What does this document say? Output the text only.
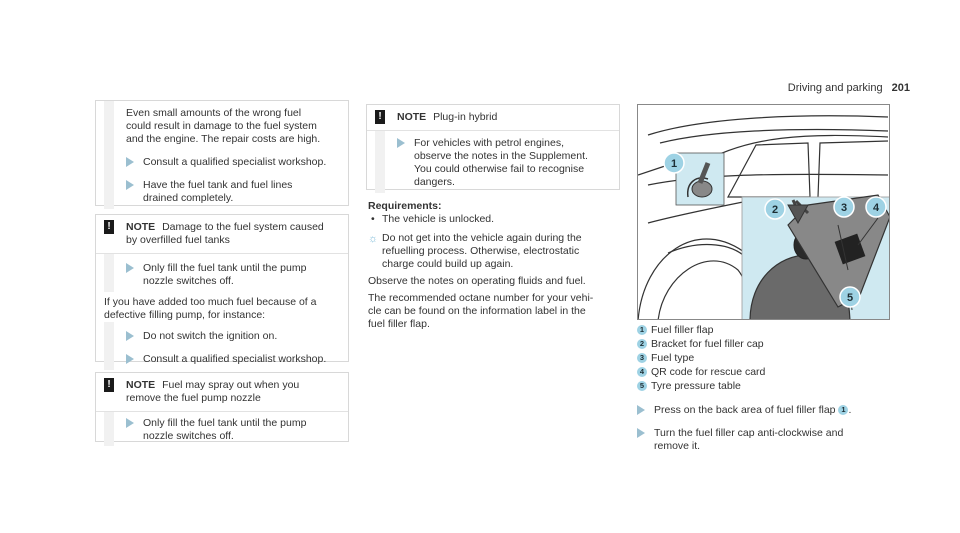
Driving and parking 201
Even small amounts of the wrong fuel
could result in damage to the fuel system
and the engine. The repair costs are high.
Consult a qualified specialist workshop.
Have the fuel tank and fuel lines
drained completely.
!	NOTE Damage to the fuel system caused
by overfilled fuel tanks
Only fill the fuel tank until the pump
nozzle switches off.
If you have added too much fuel because of a
defective filling pump, for instance:
Do not switch the ignition on.
Consult a qualified specialist workshop.
!	NOTE Fuel may spray out when you
remove the fuel pump nozzle
Only fill the fuel tank until the pump
nozzle switches off.
!	NOTE Plug-in hybrid
For vehicles with petrol engines,
observe the notes in the Supplement.
You could otherwise fail to recognise
dangers.
Requirements:
• The vehicle is unlocked.
☼ Do not get into the vehicle again during the
refuelling process. Otherwise, electrostatic
charge could build up again.
Observe the notes on operating fluids and fuel.
The recommended octane number for your vehi-
cle can be found on the information label in the
fuel filler flap.
1
2	3 4
5
1 Fuel filler flap
2 Bracket for fuel filler cap
3 Fuel type
4 QR code for rescue card
5 Tyre pressure table
Press on the back area of fuel filler flap 1 .
Turn the fuel filler cap anti-clockwise and
remove it.
